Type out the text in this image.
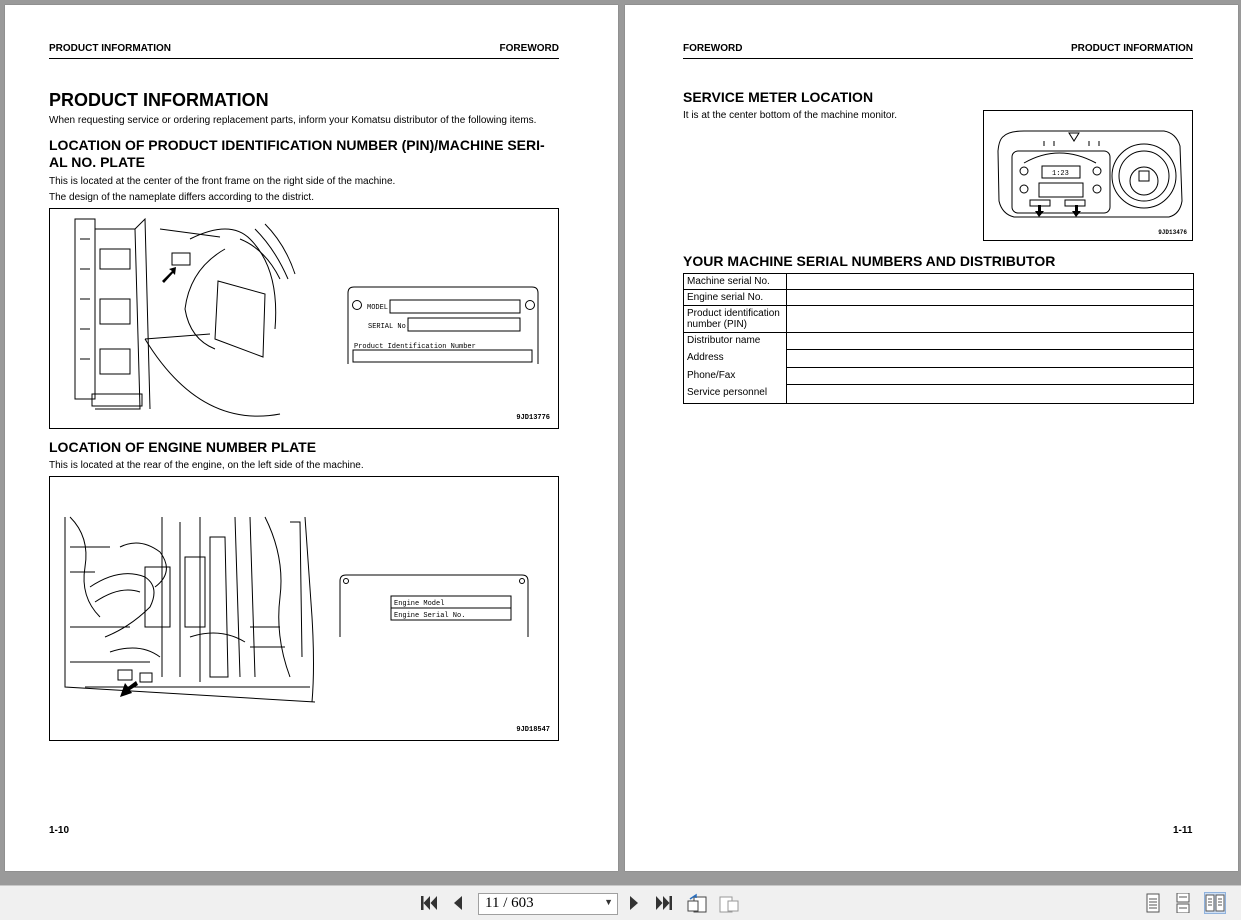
PRODUCT INFORMATION	FOREWORD
PRODUCT INFORMATION
When requesting service or ordering replacement parts, inform your Komatsu distributor of the following items.
LOCATION OF PRODUCT IDENTIFICATION NUMBER (PIN)/MACHINE SERI-
AL NO. PLATE
This is located at the center of the front frame on the right side of the machine.
The design of the nameplate differs according to the district.
MODEL
SERIAL No.
Product Identification Number
9JD13776
LOCATION OF ENGINE NUMBER PLATE
This is located at the rear of the engine, on the left side of the machine.
Engine Model
Engine Serial No.
9JD18547
1-10
FOREWORD	PRODUCT INFORMATION
SERVICE METER LOCATION
It is at the center bottom of the machine monitor.
1:23
9JD13476
YOUR MACHINE SERIAL NUMBERS AND DISTRIBUTOR
Machine serial No.	
Engine serial No.	
Product identification number (PIN)	

Distributor name
Address
Phone/Fax
Service personnel	

1-11
11 / 603	▼
